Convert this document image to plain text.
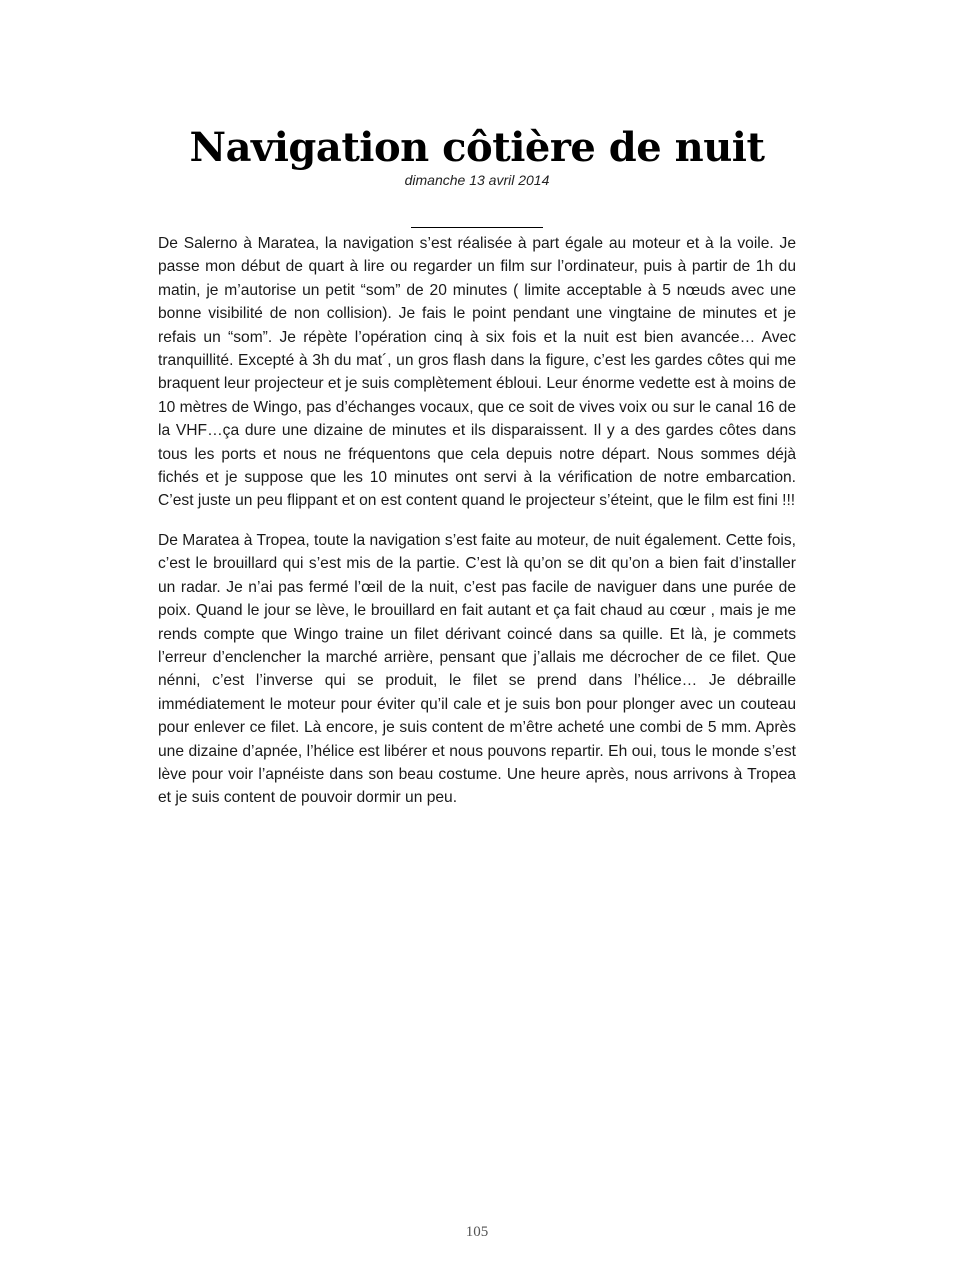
Navigation côtière de nuit
dimanche 13 avril 2014

De Salerno à Maratea, la navigation s’est réalisée à part égale au moteur et à la voile. Je passe mon début de quart à lire ou regarder un film sur l’ordinateur, puis à partir de 1h du matin, je m’autorise un petit “som” de 20 minutes ( limite acceptable à 5 nœuds avec une bonne visibilité de non collision). Je fais le point pendant une vingtaine de minutes et je refais un “som”. Je répète l’opération cinq à six fois et la nuit est bien avancée… Avec tranquillité. Excepté à 3h du mat´, un gros flash dans la figure, c’est les gardes côtes qui me braquent leur projecteur et je suis complètement ébloui. Leur énorme vedette est à moins de 10 mètres de Wingo, pas d’échanges vocaux, que ce soit de vives voix ou sur le canal 16 de la VHF…ça dure une dizaine de minutes et ils disparaissent. Il y a des gardes côtes dans tous les ports et nous ne fréquentons que cela depuis notre départ. Nous sommes déjà fichés et je suppose que les 10 minutes ont servi à la vérification de notre embarcation. C’est juste un peu flippant et on est content quand le projecteur s’éteint, que le film est fini !!!

De Maratea à Tropea, toute la navigation s’est faite au moteur, de nuit également. Cette fois, c’est le brouillard qui s’est mis de la partie. C’est là qu’on se dit qu’on a bien fait d’installer un radar. Je n’ai pas fermé l’œil de la nuit, c’est pas facile de naviguer dans une purée de poix. Quand le jour se lève, le brouillard en fait autant et ça fait chaud au cœur , mais je me rends compte que Wingo traine un filet dérivant coincé dans sa quille. Et là, je commets l’erreur d’enclencher la marché arrière, pensant que j’allais me décrocher de ce filet. Que nénni, c’est l’inverse qui se produit, le filet se prend dans l’hélice… Je débraille immédiatement le moteur pour éviter qu’il cale et je suis bon pour plonger avec un couteau pour enlever ce filet. Là encore, je suis content de m’être acheté une combi de 5 mm. Après une dizaine d’apnée, l’hélice est libérer et nous pouvons repartir. Eh oui, tous le monde s’est lève pour voir l’apnéiste dans son beau costume. Une heure après, nous arrivons à Tropea et je suis content de pouvoir dormir un peu.

105
